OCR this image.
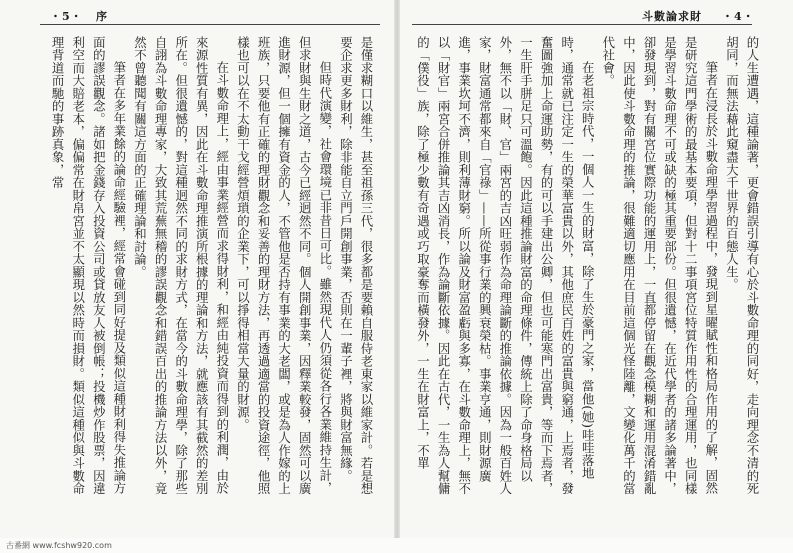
・5・ 序	斗數論求財 ・4・

的人生遭遇，這種論著，更會錯誤引導有心於斗數命理的同好，走向理念不清的死胡同，而無法藉此窺盡大千世界的百態人生。

筆者在浸長於斗數命理學習過程中，發現到星曜賦性和格局作用的了解，固然是研究這門學術的最基本要項，但對十二事項宮位特質作用性的合理運用，也同樣是學習斗數命理不可或缺的極其重要部份。但很遺憾，在近代學者的諸多論著中，卻發現到，對有關宮位實際功能的運用上，一直都停留在觀念模糊和運用混淆錯亂中，因此使斗數命理的推論，很難適切應用在目前這個光怪陸離，文變化萬千的當代社會。

在老祖宗時代，一個人一生的財富，除了生於豪門之家，當他(她)哇哇落地時，通常就已注定一生的榮華富貴以外，其他庶民百姓的富貴與窮通，上焉者，發奮圖強加上命運助勢，有的可以手建出公卿，但也可能寒門出富貴，等而下焉者，一生肝手胼足只可溫飽。因此這種推論財富的命理條件，傳統上除了命身格局以外，無不以「財、官」兩宮的吉凶旺弱作為命理論斷的推論依據。因為一般百姓人家，財富通常都來自「官祿」——所從事行業的興衰榮枯。事業亨通，則財源廣進，事業坎坷不濟，則利薄財窮。所以論及財富盈虧與多寡，在斗數命理上，無不以「財官」兩宮合併推論其吉凶消長，作為論斷依據。因此在古代，一生為人幫傭的「僕役」族，除了極少數有奇遇或巧取豪奪而橫發外，一生在財富上，不單

是僅求糊口以維生，甚至祖孫三代，很多都是要賴自服侍老東家以維家計。若是想要企求更多財利，除非能自立門戶開創事業，否則在一輩子裡，將與財富無緣。

但時代演變，社會環境已非昔日可比。雖然現代人仍須從各行各業維持生計，但求財與生財之道，古今已經迥然不同。個人開創事業，因釋業較發，固然可以廣進財源，但一個擁有資金的人，不管他是否持有事業的大老闆，或是為人作嫁的上班族，只要他有正確的理財觀念和妥善的理財方法，再透過適當的投資途徑，他照樣也可以在不太動干戈經營煩瑣的企業下，可以掙得相當大量的財源。

在斗數命理上，經由事業經營而求得財利，和經由純投資而得到的利潤，由於來源性質有異，因此在斗數命理推演所根據的理論和方法，就應該有其截然的差別所在。但很遺憾的，對這種迥然不同的求財方式，在當今的斗數命理學，除了那些自詡為斗數命理專家，大致其荒蕪無稽的謬誤觀念和錯誤百出的推論方法以外，竟然不曾聽聞有關這方面的正確理論和討論。

筆者在多年業餘的論命經驗裡，經常會碰到同好提及類似這種財利得失推論方面的謬誤觀念。諸如把金錢存入投資公司或貸放友人被倒帳；投機炒作股票，因違利空而大賠老本，偏偏常在財帛宮並不太顯現以然時而損財。類似這種似與斗數命理背道而馳的事跡真象，常

古番網 www.fcshw920.com
